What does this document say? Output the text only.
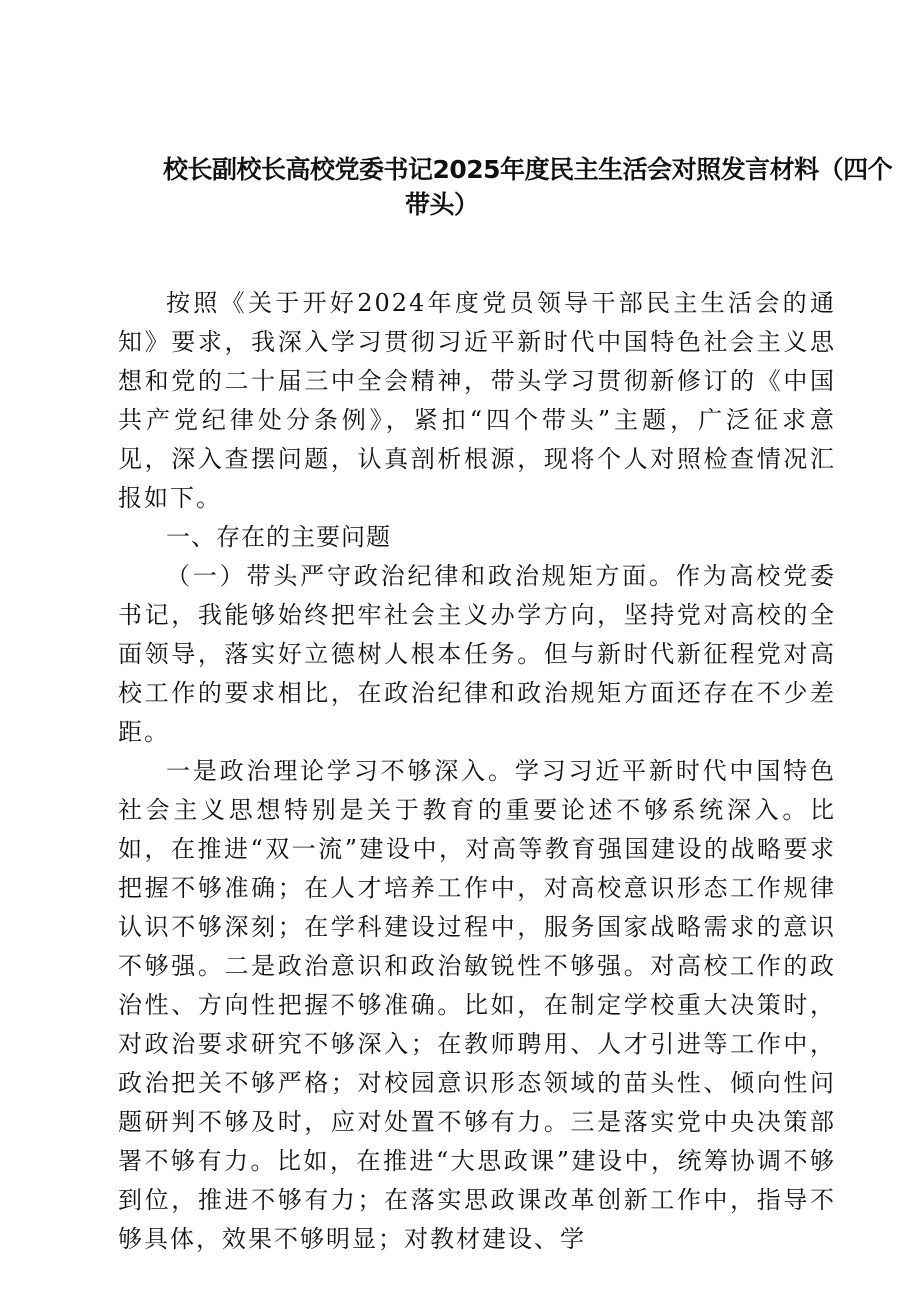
校长副校长高校党委书记2025年度民主生活会对照发言材料（四个
带头）

按照《关于开好2024年度党员领导干部民主生活会的通知》要求，我深入学习贯彻习近平新时代中国特色社会主义思想和党的二十届三中全会精神，带头学习贯彻新修订的《中国共产党纪律处分条例》，紧扣“四个带头”主题，广泛征求意见，深入查摆问题，认真剖析根源，现将个人对照检查情况汇报如下。

一、存在的主要问题

（一）带头严守政治纪律和政治规矩方面。作为高校党委书记，我能够始终把牢社会主义办学方向，坚持党对高校的全面领导，落实好立德树人根本任务。但与新时代新征程党对高校工作的要求相比，在政治纪律和政治规矩方面还存在不少差距。

一是政治理论学习不够深入。学习习近平新时代中国特色社会主义思想特别是关于教育的重要论述不够系统深入。比如，在推进“双一流”建设中，对高等教育强国建设的战略要求把握不够准确；在人才培养工作中，对高校意识形态工作规律认识不够深刻；在学科建设过程中，服务国家战略需求的意识不够强。二是政治意识和政治敏锐性不够强。对高校工作的政治性、方向性把握不够准确。比如，在制定学校重大决策时，对政治要求研究不够深入；在教师聘用、人才引进等工作中，政治把关不够严格；对校园意识形态领域的苗头性、倾向性问题研判不够及时，应对处置不够有力。三是落实党中央决策部署不够有力。比如，在推进“大思政课”建设中，统筹协调不够到位，推进不够有力；在落实思政课改革创新工作中，指导不够具体，效果不够明显；对教材建设、学
